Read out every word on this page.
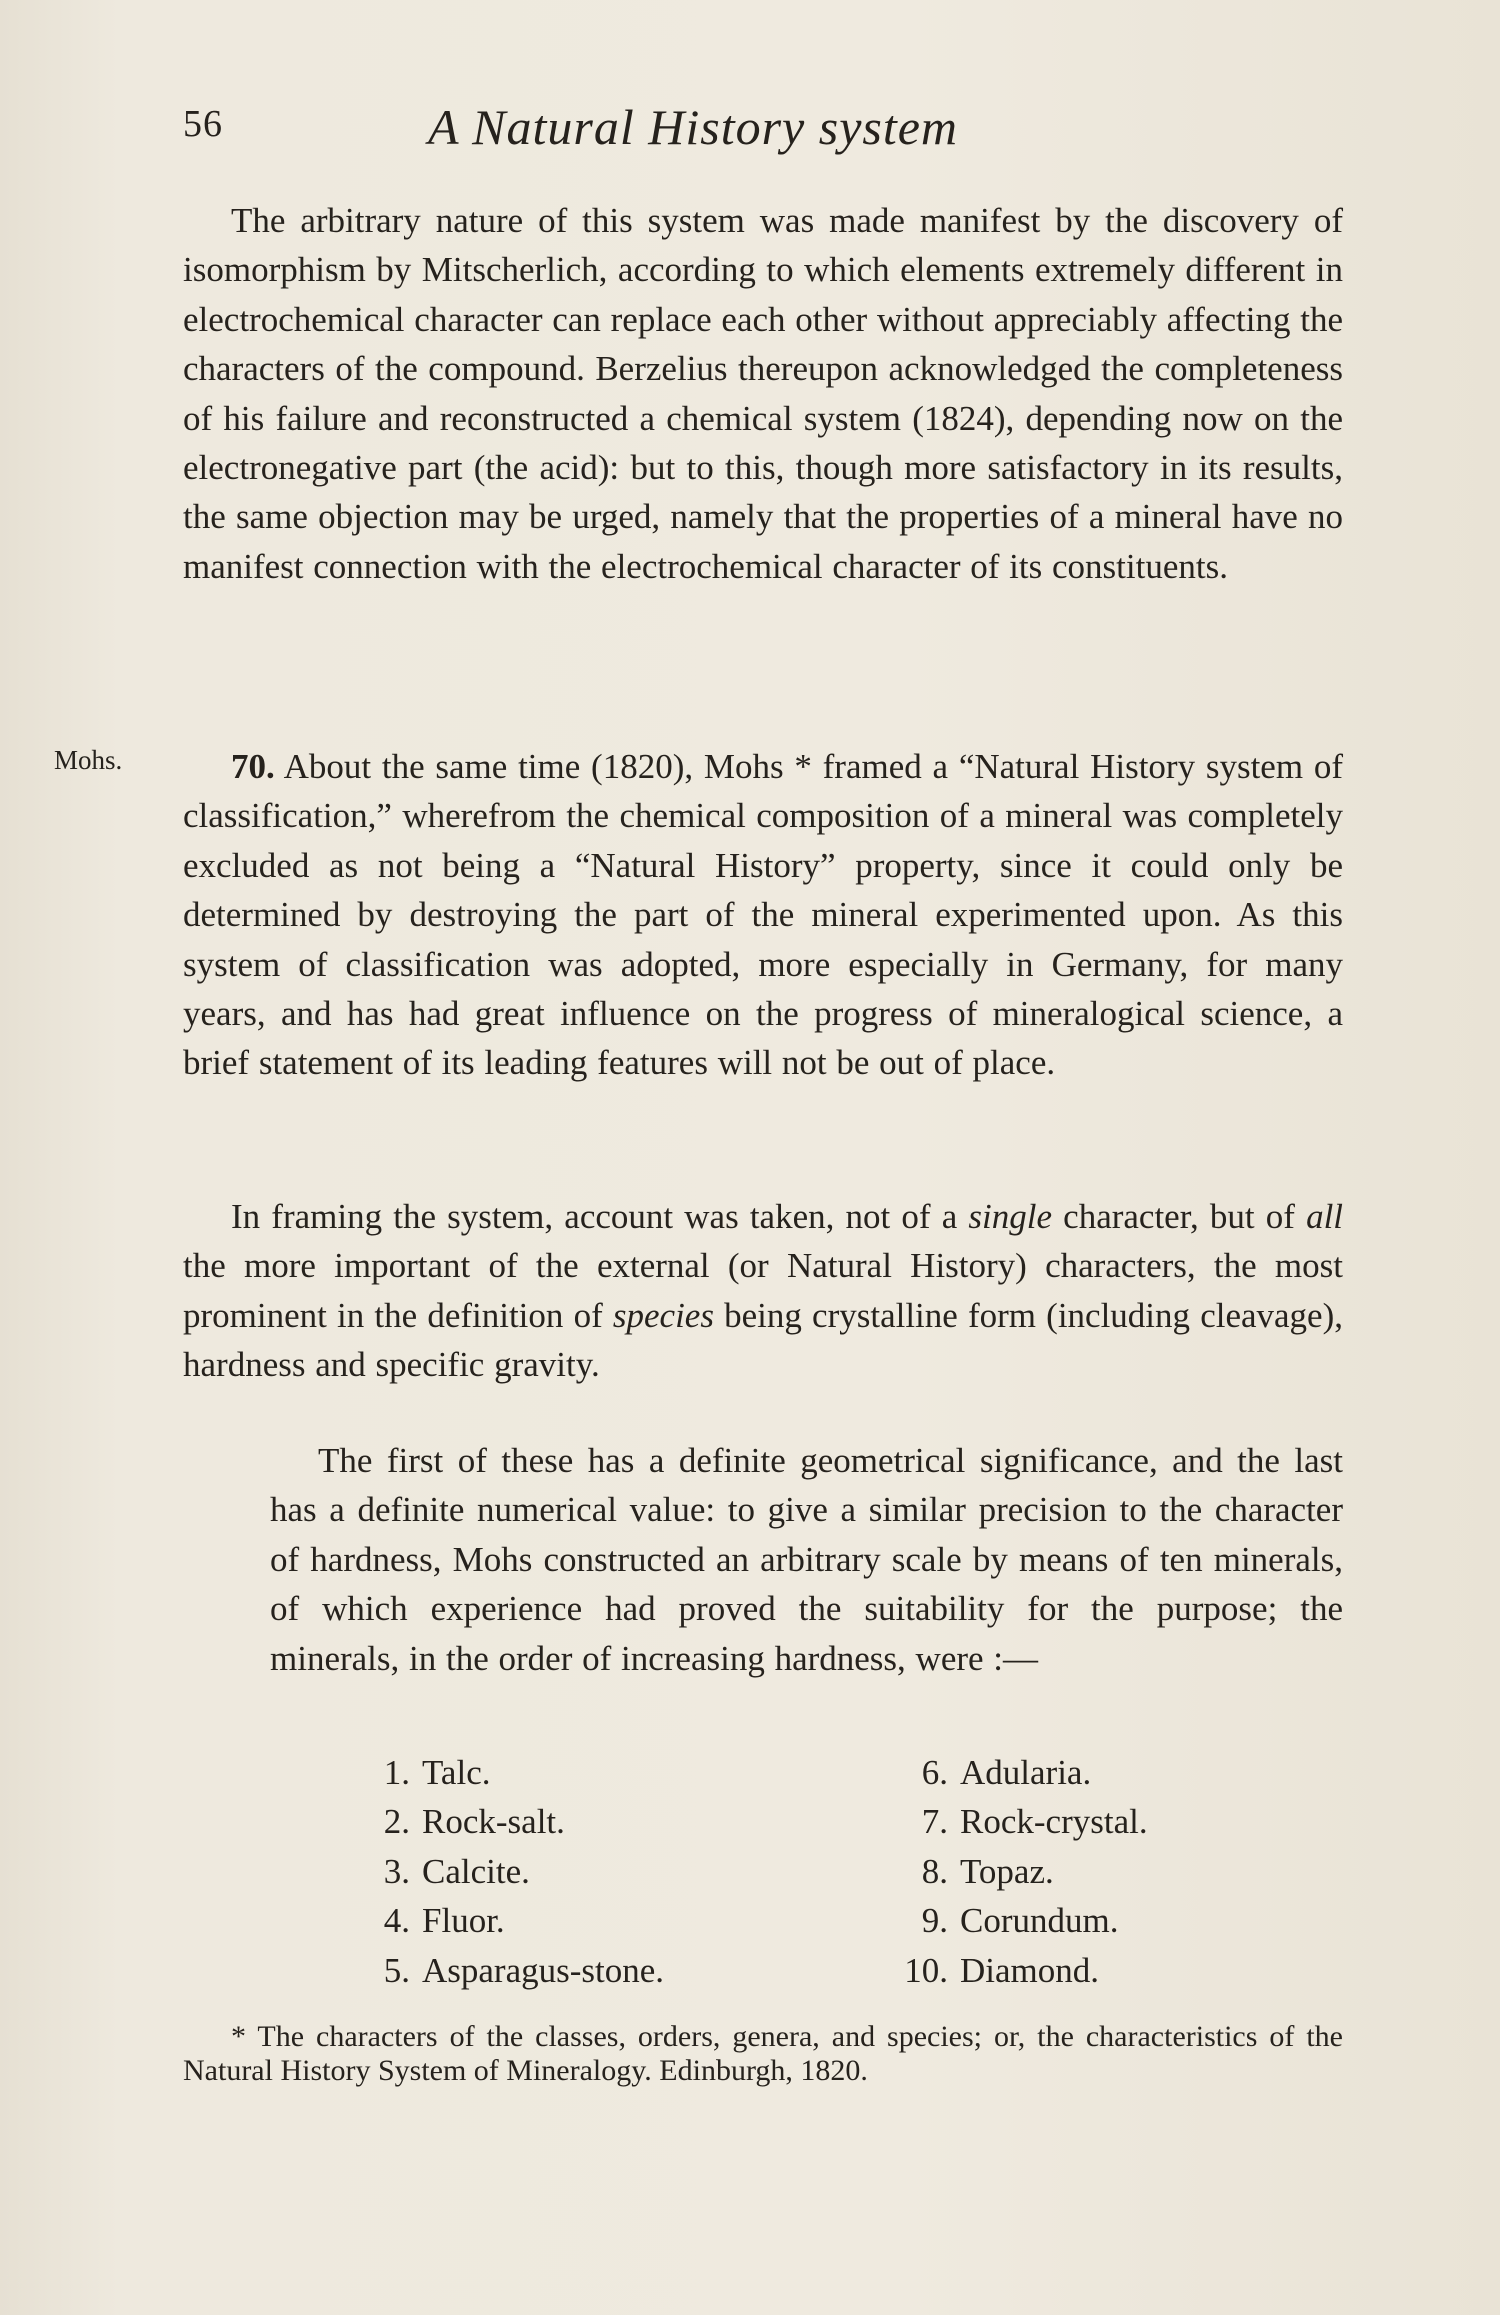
56	A Natural History system

The arbitrary nature of this system was made manifest by the discovery of isomorphism by Mitscherlich, according to which elements extremely different in electrochemical character can replace each other without appreciably affecting the characters of the compound. Berzelius thereupon acknowledged the completeness of his failure and reconstructed a chemical system (1824), depending now on the electronegative part (the acid): but to this, though more satisfactory in its results, the same objection may be urged, namely that the properties of a mineral have no manifest connection with the electrochemical character of its constituents.

Mohs.	70. About the same time (1820), Mohs * framed a “Natural History system of classification,” wherefrom the chemical composition of a mineral was completely excluded as not being a “Natural History” property, since it could only be determined by destroying the part of the mineral experimented upon. As this system of classification was adopted, more especially in Germany, for many years, and has had great influence on the progress of mineralogical science, a brief statement of its leading features will not be out of place.

In framing the system, account was taken, not of a single character, but of all the more important of the external (or Natural History) characters, the most prominent in the definition of species being crystalline form (including cleavage), hardness and specific gravity.

The first of these has a definite geometrical significance, and the last has a definite numerical value: to give a similar precision to the character of hardness, Mohs constructed an arbitrary scale by means of ten minerals, of which experience had proved the suitability for the purpose; the minerals, in the order of increasing hardness, were :—

1. Talc.
2. Rock-salt.
3. Calcite.
4. Fluor.
5. Asparagus-stone.
6. Adularia.
7. Rock-crystal.
8. Topaz.
9. Corundum.
10. Diamond.

* The characters of the classes, orders, genera, and species; or, the characteristics of the Natural History System of Mineralogy. Edinburgh, 1820.
